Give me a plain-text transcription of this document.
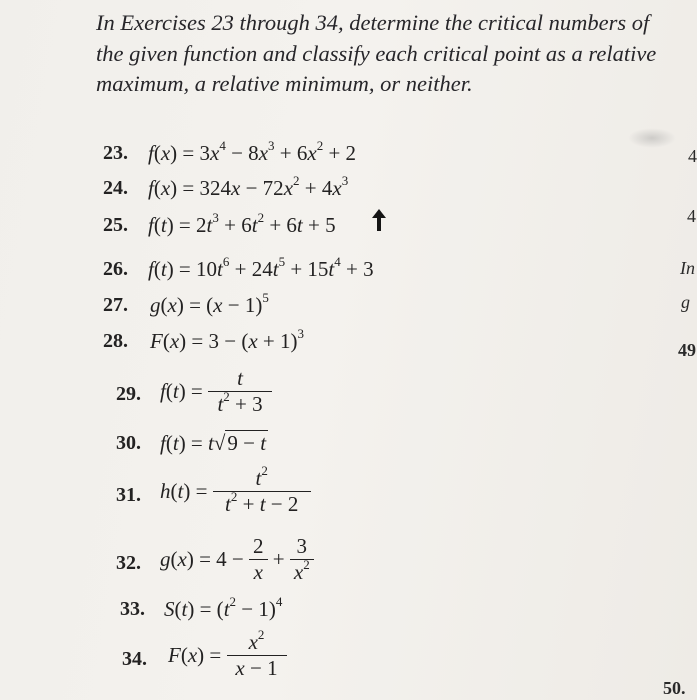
In Exercises 23 through 34, determine the critical numbers of the given function and classify each critical point as a relative maximum, a relative minimum, or neither.
23. $f(x) = 3x^4 - 8x^3 + 6x^2 + 2$
24. $f(x) = 324x - 72x^2 + 4x^3$
25. $f(t) = 2t^3 + 6t^2 + 6t + 5$
26. $f(t) = 10t^6 + 24t^5 + 15t^4 + 3$
27. $g(x) = (x - 1)^5$
28. $F(x) = 3 - (x + 1)^3$
29. $f(t) = \frac{t}{t^2 + 3}$
30. f(t) = t√9 − t
31. $h(t) = \frac{t^2}{t^2 + t - 2}$
32. $g(x) = 4 - \frac{2}{x} + \frac{3}{x^2}$
33. $S(t) = (t^2 - 1)^4$
34. $F(x) = \frac{x^2}{x - 1}$
4
4
In
g
49
50.
